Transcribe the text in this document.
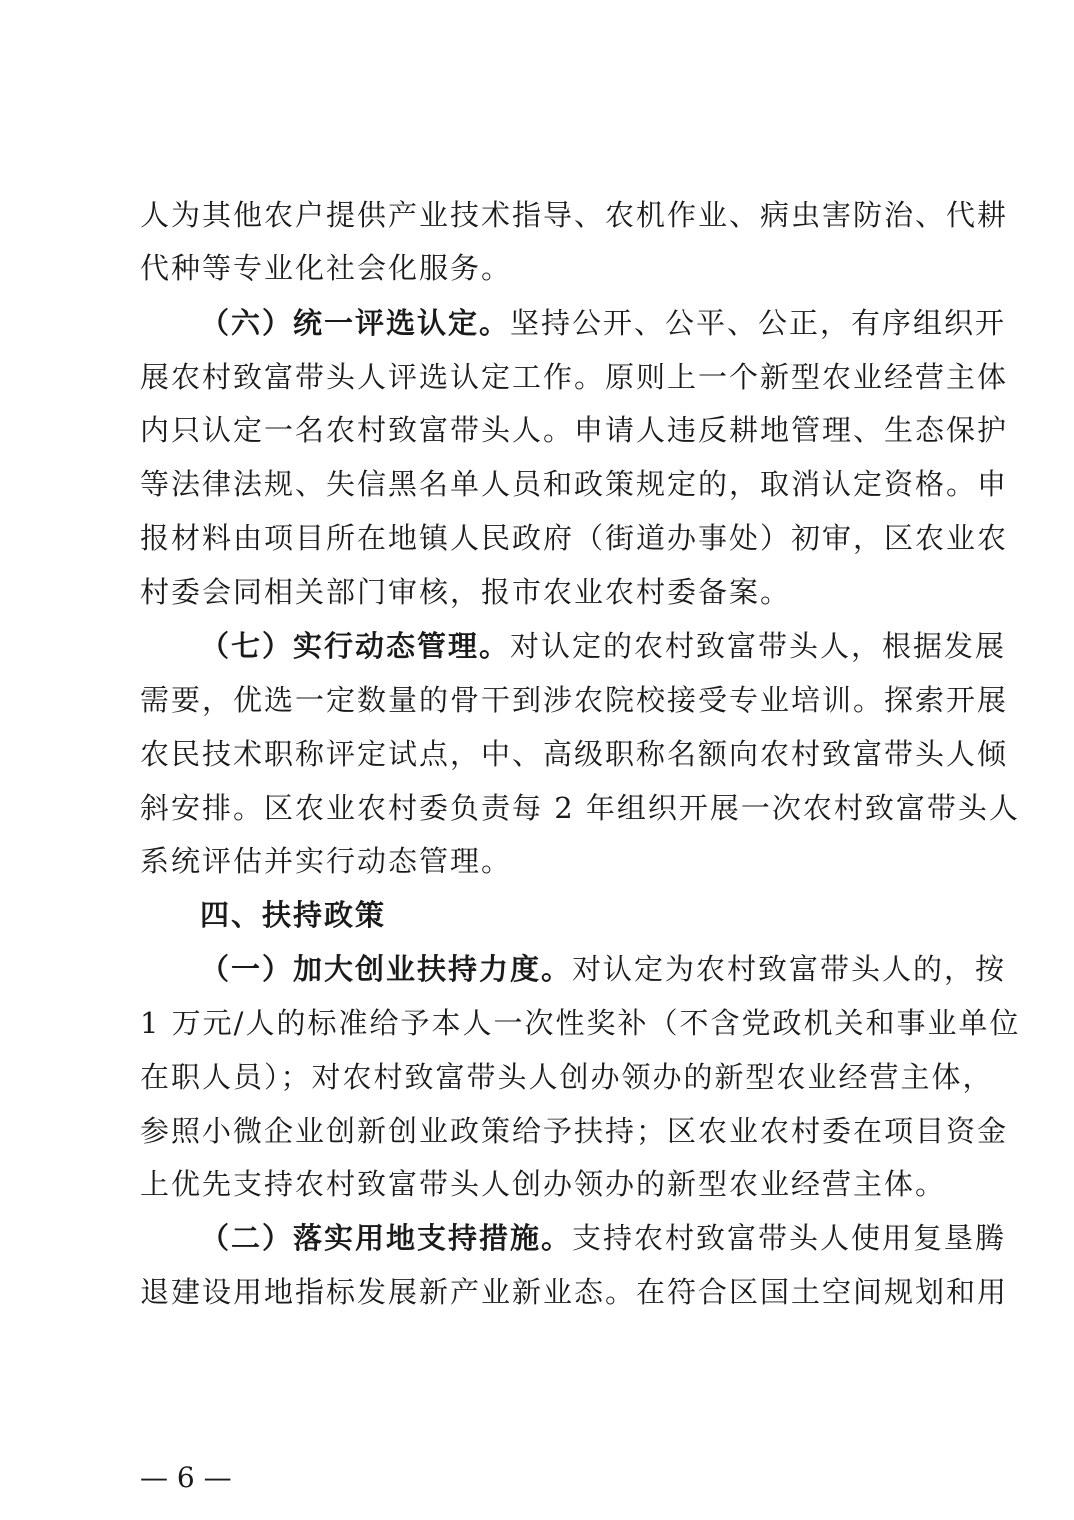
人为其他农户提供产业技术指导、农机作业、病虫害防治、代耕
代种等专业化社会化服务。
（六）统一评选认定。坚持公开、公平、公正，有序组织开
展农村致富带头人评选认定工作。原则上一个新型农业经营主体
内只认定一名农村致富带头人。申请人违反耕地管理、生态保护
等法律法规、失信黑名单人员和政策规定的，取消认定资格。申
报材料由项目所在地镇人民政府（街道办事处）初审，区农业农
村委会同相关部门审核，报市农业农村委备案。
（七）实行动态管理。对认定的农村致富带头人，根据发展
需要，优选一定数量的骨干到涉农院校接受专业培训。探索开展
农民技术职称评定试点，中、高级职称名额向农村致富带头人倾
斜安排。区农业农村委负责每 2 年组织开展一次农村致富带头人
系统评估并实行动态管理。
四、扶持政策
（一）加大创业扶持力度。对认定为农村致富带头人的，按
1 万元/人的标准给予本人一次性奖补（不含党政机关和事业单位
在职人员）；对农村致富带头人创办领办的新型农业经营主体，
参照小微企业创新创业政策给予扶持；区农业农村委在项目资金
上优先支持农村致富带头人创办领办的新型农业经营主体。
（二）落实用地支持措施。支持农村致富带头人使用复垦腾
退建设用地指标发展新产业新业态。在符合区国土空间规划和用
— 6 —
